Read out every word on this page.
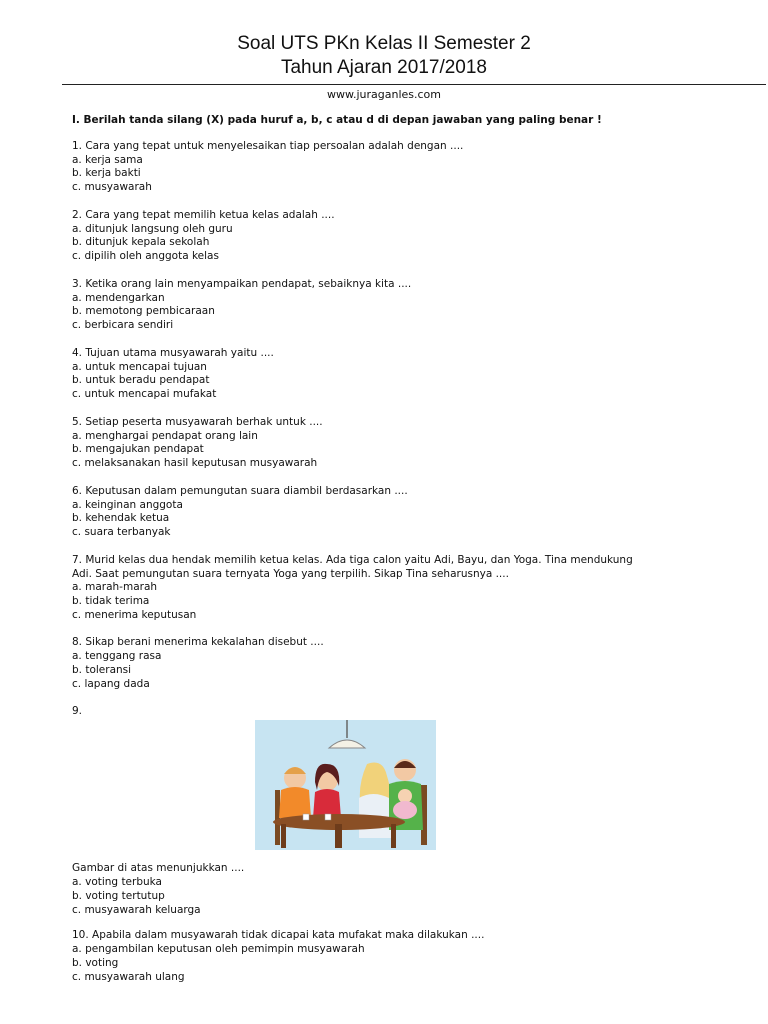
Soal UTS PKn Kelas II Semester 2
Tahun Ajaran 2017/2018
www.juraganles.com
I. Berilah tanda silang (X) pada huruf a, b, c atau d di depan jawaban yang paling benar !
1. Cara yang tepat untuk menyelesaikan tiap persoalan adalah dengan ....
a. kerja sama
b. kerja bakti
c. musyawarah
2. Cara yang tepat memilih ketua kelas adalah ....
a. ditunjuk langsung oleh guru
b. ditunjuk kepala sekolah
c. dipilih oleh anggota kelas
3. Ketika orang lain menyampaikan pendapat, sebaiknya kita ....
a. mendengarkan
b. memotong pembicaraan
c. berbicara sendiri
4. Tujuan utama musyawarah yaitu ....
a. untuk mencapai tujuan
b. untuk beradu pendapat
c. untuk mencapai mufakat
5. Setiap peserta musyawarah berhak untuk ....
a. menghargai pendapat orang lain
b. mengajukan pendapat
c. melaksanakan hasil keputusan musyawarah
6. Keputusan dalam pemungutan suara diambil berdasarkan ....
a. keinginan anggota
b. kehendak ketua
c. suara terbanyak
7. Murid kelas dua hendak memilih ketua kelas. Ada tiga calon yaitu Adi, Bayu, dan Yoga. Tina mendukung
Adi. Saat pemungutan suara ternyata Yoga yang terpilih. Sikap Tina seharusnya ....
a. marah-marah
b. tidak terima
c. menerima keputusan
8. Sikap berani menerima kekalahan disebut ....
a. tenggang rasa
b. toleransi
c. lapang dada
9.
Gambar di atas menunjukkan ....
a. voting terbuka
b. voting tertutup
c. musyawarah keluarga
10. Apabila dalam musyawarah tidak dicapai kata mufakat maka dilakukan ....
a. pengambilan keputusan oleh pemimpin musyawarah
b. voting
c. musyawarah ulang
